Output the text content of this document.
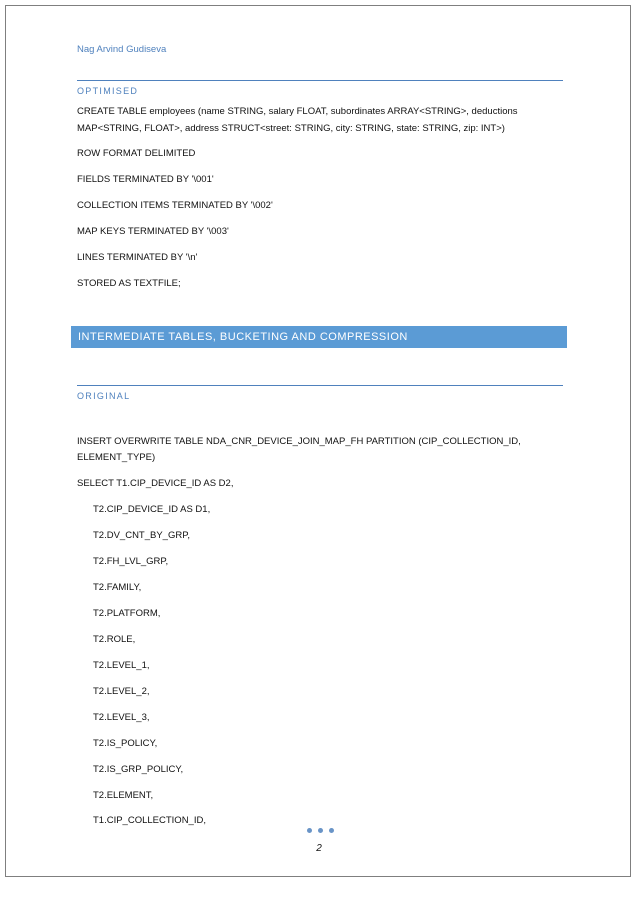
Nag Arvind Gudiseva
OPTIMISED
CREATE TABLE employees (name STRING, salary FLOAT, subordinates ARRAY<STRING>, deductions
MAP<STRING, FLOAT>, address STRUCT<street: STRING, city: STRING, state: STRING, zip: INT>)
ROW FORMAT DELIMITED
FIELDS TERMINATED BY '\001'
COLLECTION ITEMS TERMINATED BY '\002'
MAP KEYS TERMINATED BY '\003'
LINES TERMINATED BY '\n'
STORED AS TEXTFILE;
INTERMEDIATE TABLES, BUCKETING AND COMPRESSION
ORIGINAL
INSERT OVERWRITE TABLE NDA_CNR_DEVICE_JOIN_MAP_FH PARTITION (CIP_COLLECTION_ID,
ELEMENT_TYPE)
SELECT T1.CIP_DEVICE_ID AS D2,
T2.CIP_DEVICE_ID AS D1,
T2.DV_CNT_BY_GRP,
T2.FH_LVL_GRP,
T2.FAMILY,
T2.PLATFORM,
T2.ROLE,
T2.LEVEL_1,
T2.LEVEL_2,
T2.LEVEL_3,
T2.IS_POLICY,
T2.IS_GRP_POLICY,
T2.ELEMENT,
T1.CIP_COLLECTION_ID,
2
